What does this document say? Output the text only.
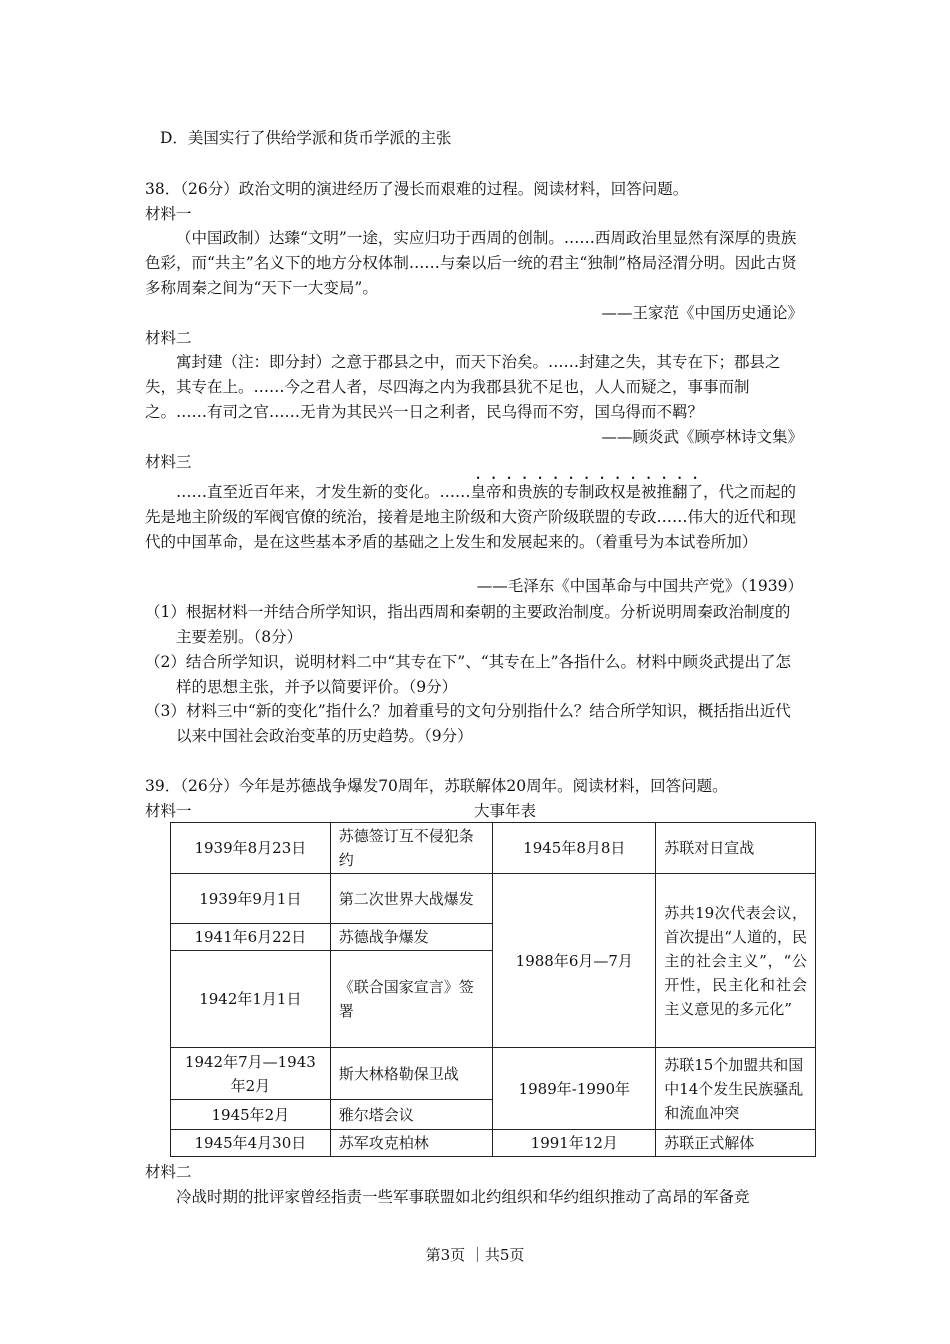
D．美国实行了供给学派和货币学派的主张
38．（26分）政治文明的演进经历了漫长而艰难的过程。阅读材料，回答问题。
材料一
（中国政制）达臻“文明”一途，实应归功于西周的创制。……西周政治里显然有深厚的贵族色彩，而“共主”名义下的地方分权体制……与秦以后一统的君主“独制”格局泾渭分明。因此古贤多称周秦之间为“天下一大变局”。
——王家范《中国历史通论》
材料二
寓封建（注：即分封）之意于郡县之中，而天下治矣。……封建之失，其专在下；郡县之失，其专在上。……今之君人者，尽四海之内为我郡县犹不足也，人人而疑之，事事而制之。……有司之官……无肯为其民兴一日之利者，民乌得而不穷，国乌得而不羁？
——顾炎武《顾亭林诗文集》
材料三
……直至近百年来，才发生新的变化。……皇帝和贵族的专制政权是被推翻了，代之而起的先是地主阶级的军阀官僚的统治，接着是地主阶级和大资产阶级联盟的专政……伟大的近代和现代的中国革命，是在这些基本矛盾的基础之上发生和发展起来的。（着重号为本试卷所加）
——毛泽东《中国革命与中国共产党》（1939）
（1）根据材料一并结合所学知识，指出西周和秦朝的主要政治制度。分析说明周秦政治制度的主要差别。（8分）
（2）结合所学知识，说明材料二中“其专在下”、“其专在上”各指什么。材料中顾炎武提出了怎样的思想主张，并予以简要评价。（9分）
（3）材料三中“新的变化”指什么？加着重号的文句分别指什么？结合所学知识，概括指出近代以来中国社会政治变革的历史趋势。（9分）
39．（26分）今年是苏德战争爆发70周年，苏联解体20周年。阅读材料，回答问题。
材料一	大事年表
1939年8月23日	苏德签订互不侵犯条约	1945年8月8日	苏联对日宣战
1939年9月1日	第二次世界大战爆发	1988年6月—7月	苏共19次代表会议，首次提出“人道的，民主的社会主义”，“公开性，民主化和社会主义意见的多元化”
1941年6月22日	苏德战争爆发		
1942年1月1日	《联合国家宣言》签署		
1942年7月—1943年2月	斯大林格勒保卫战	1989年-1990年	苏联15个加盟共和国中14个发生民族骚乱和流血冲突
1945年2月	雅尔塔会议		
1945年4月30日	苏军攻克柏林	1991年12月	苏联正式解体
材料二
冷战时期的批评家曾经指责一些军事联盟如北约组织和华约组织推动了高昂的军备竞
第3页 ｜共5页
